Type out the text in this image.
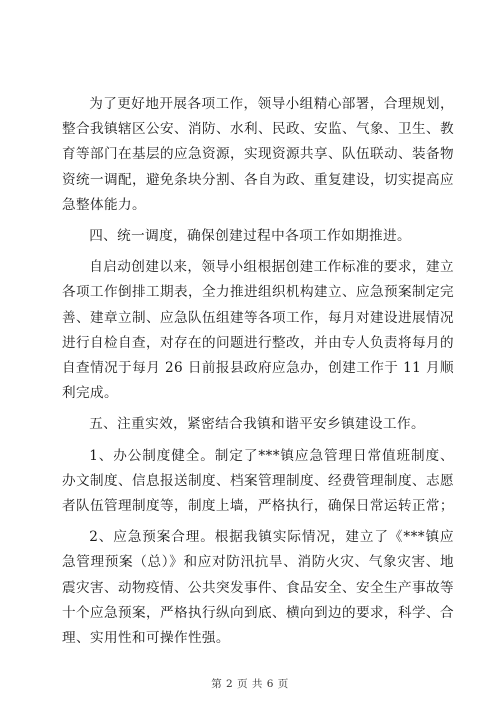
为了更好地开展各项工作，领导小组精心部署，合理规划，整合我镇辖区公安、消防、水利、民政、安监、气象、卫生、教育等部门在基层的应急资源，实现资源共享、队伍联动、装备物资统一调配，避免条块分割、各自为政、重复建设，切实提高应急整体能力。

四、统一调度，确保创建过程中各项工作如期推进。

自启动创建以来，领导小组根据创建工作标准的要求，建立各项工作倒排工期表，全力推进组织机构建立、应急预案制定完善、建章立制、应急队伍组建等各项工作，每月对建设进展情况进行自检自查，对存在的问题进行整改，并由专人负责将每月的自查情况于每月 26 日前报县政府应急办，创建工作于 11 月顺利完成。

五、注重实效，紧密结合我镇和谐平安乡镇建设工作。

1、办公制度健全。制定了***镇应急管理日常值班制度、办文制度、信息报送制度、档案管理制度、经费管理制度、志愿者队伍管理制度等，制度上墙，严格执行，确保日常运转正常；

2、应急预案合理。根据我镇实际情况，建立了《***镇应急管理预案（总）》和应对防汛抗旱、消防火灾、气象灾害、地震灾害、动物疫情、公共突发事件、食品安全、安全生产事故等十个应急预案，严格执行纵向到底、横向到边的要求，科学、合理、实用性和可操作性强。

第 2 页 共 6 页
